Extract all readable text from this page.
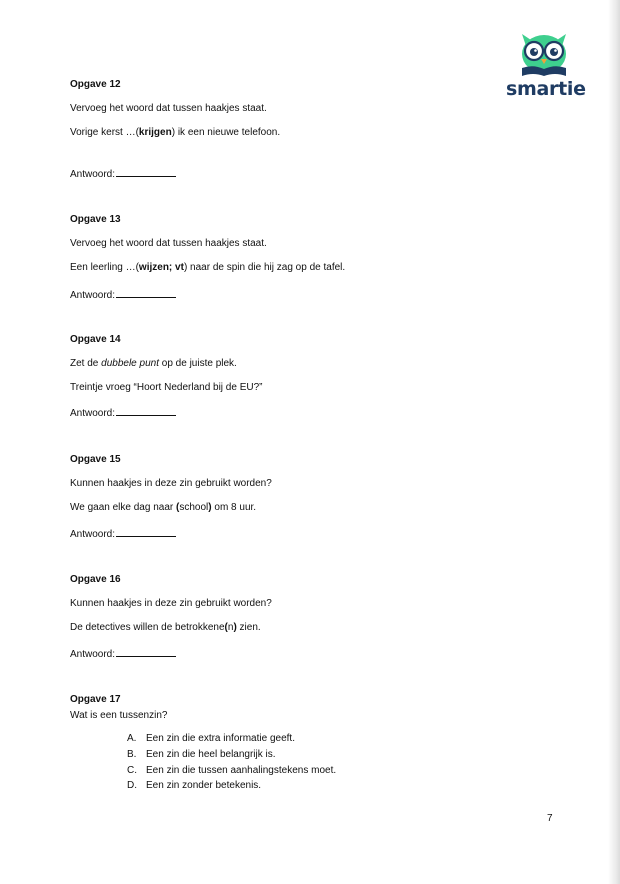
smartie
Opgave 12
Vervoeg het woord dat tussen haakjes staat.
Vorige kerst …(krijgen) ik een nieuwe telefoon.
Antwoord:
Opgave 13
Vervoeg het woord dat tussen haakjes staat.
Een leerling …(wijzen; vt) naar de spin die hij zag op de tafel.
Antwoord:
Opgave 14
Zet de dubbele punt op de juiste plek.
Treintje vroeg “Hoort Nederland bij de EU?”
Antwoord:
Opgave 15
Kunnen haakjes in deze zin gebruikt worden?
We gaan elke dag naar (school) om 8 uur.
Antwoord:
Opgave 16
Kunnen haakjes in deze zin gebruikt worden?
De detectives willen de betrokkene(n) zien.
Antwoord:
Opgave 17
Wat is een tussenzin?
A. Een zin die extra informatie geeft.
B. Een zin die heel belangrijk is.
C. Een zin die tussen aanhalingstekens moet.
D. Een zin zonder betekenis.
7
